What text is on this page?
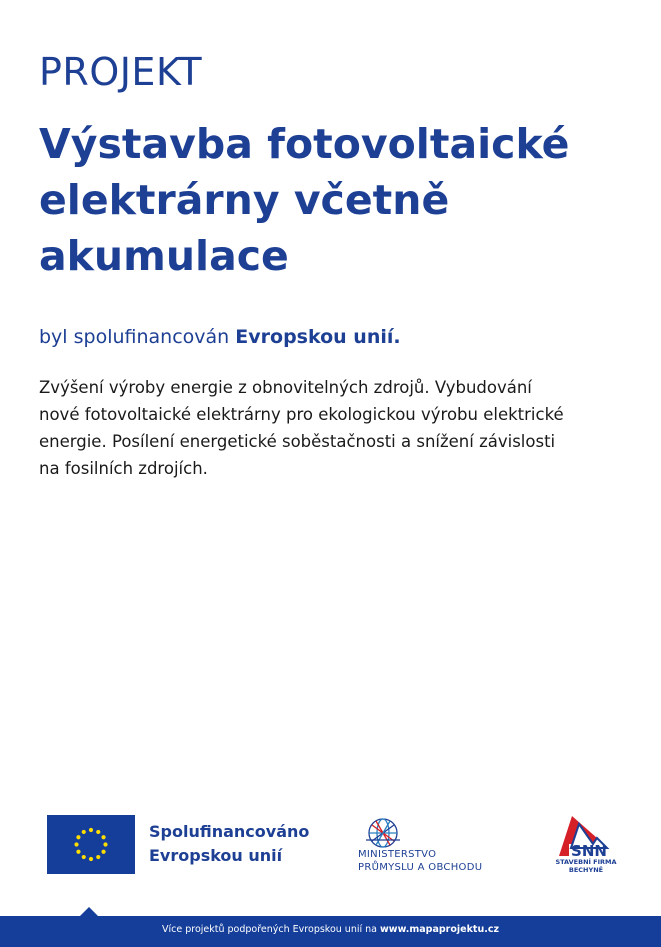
PROJEKT
Výstavba fotovoltaické
elektrárny včetně
akumulace
byl spolufinancován Evropskou unií.
Zvýšení výroby energie z obnovitelných zdrojů. Vybudování
nové fotovoltaické elektrárny pro ekologickou výrobu elektrické
energie. Posílení energetické soběstačnosti a snížení závislosti
na fosilních zdrojích.
Spolufinancováno
Evropskou unií	MINISTERSTVO
PRŮMYSLU A OBCHODU
SNN
STAVEBNÍ FIRMA
BECHYNĚ
Více projektů podpořených Evropskou unií na www.mapaprojektu.cz
